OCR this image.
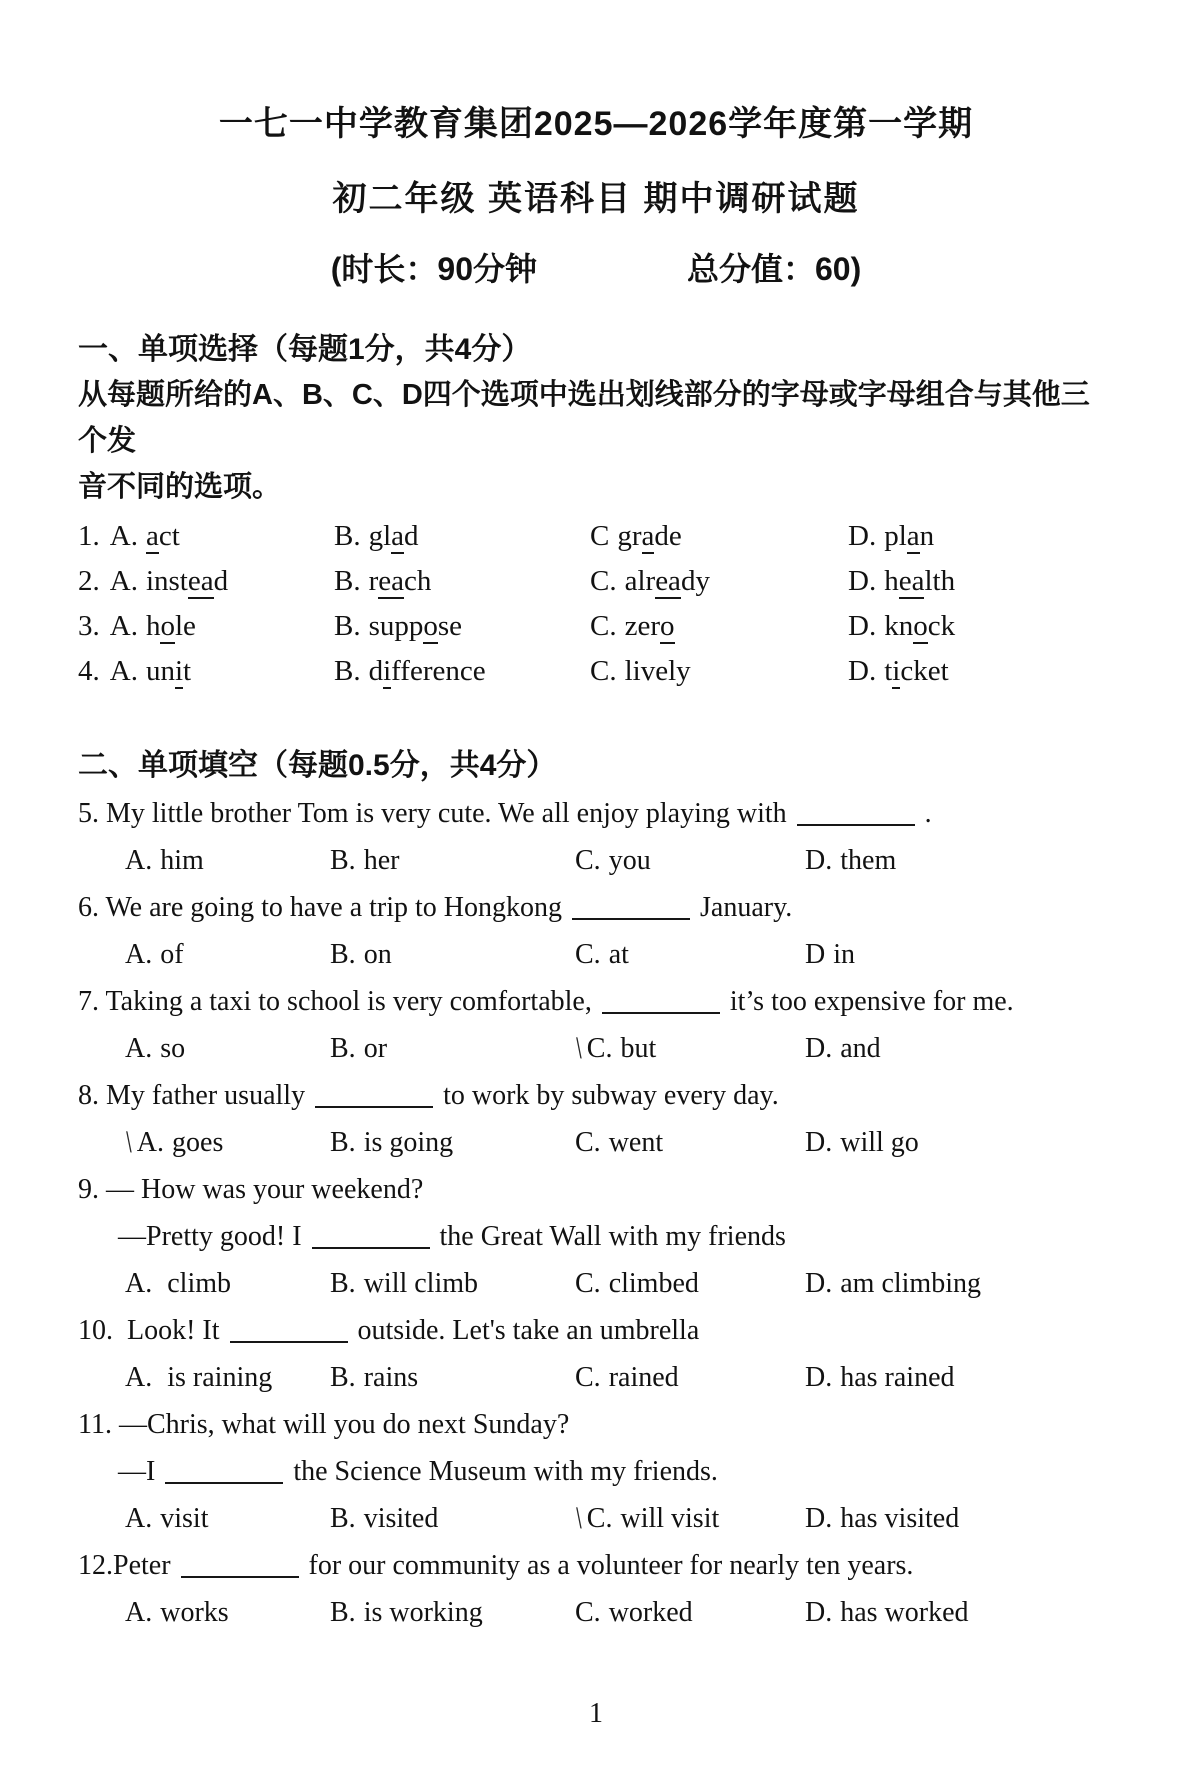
一七一中学教育集团2025—2026学年度第一学期
初二年级 英语科目 期中调研试题
(时长：90分钟	总分值：60)
一、单项选择（每题1分，共4分）
从每题所给的A、B、C、D四个选项中选出划线部分的字母或字母组合与其他三个发
音不同的选项。
1. A. act	B. glad	C grade	D. plan
2. A. instead	B. reach	C. already	D. health
3. A. hole	B. suppose	C. zero	D. knock
4. A. unit	B. difference	C. lively	D. ticket
二、单项填空（每题0.5分，共4分）
5. My little brother Tom is very cute. We all enjoy playing with	.
A. him	B. her	C. you	D. them
6. We are going to have a trip to Hongkong	January.
A. of	B. on	C. at	D in
7. Taking a taxi to school is very comfortable,	it’s too expensive for me.
A. so	B. or \	C. but	D. and
8. My father usually	to work by subway every day.
\A. goes	B. is going	C. went	D. will go
9. — How was your weekend?
—Pretty good! I	the Great Wall with my friends
A. climb	B. will climb	C. climbed	D. am climbing
10.  Look! It	outside. Let's take an umbrella
A. is raining	B. rains	C. rained	D. has rained
11. —Chris, what will you do next Sunday?
—I	the Science Museum with my friends.
A. visit	B. visited \	C. will visit	D. has visited
12.Peter	for our community as a volunteer for nearly ten years.
A. works	B. is working	C. worked	D. has worked
1
